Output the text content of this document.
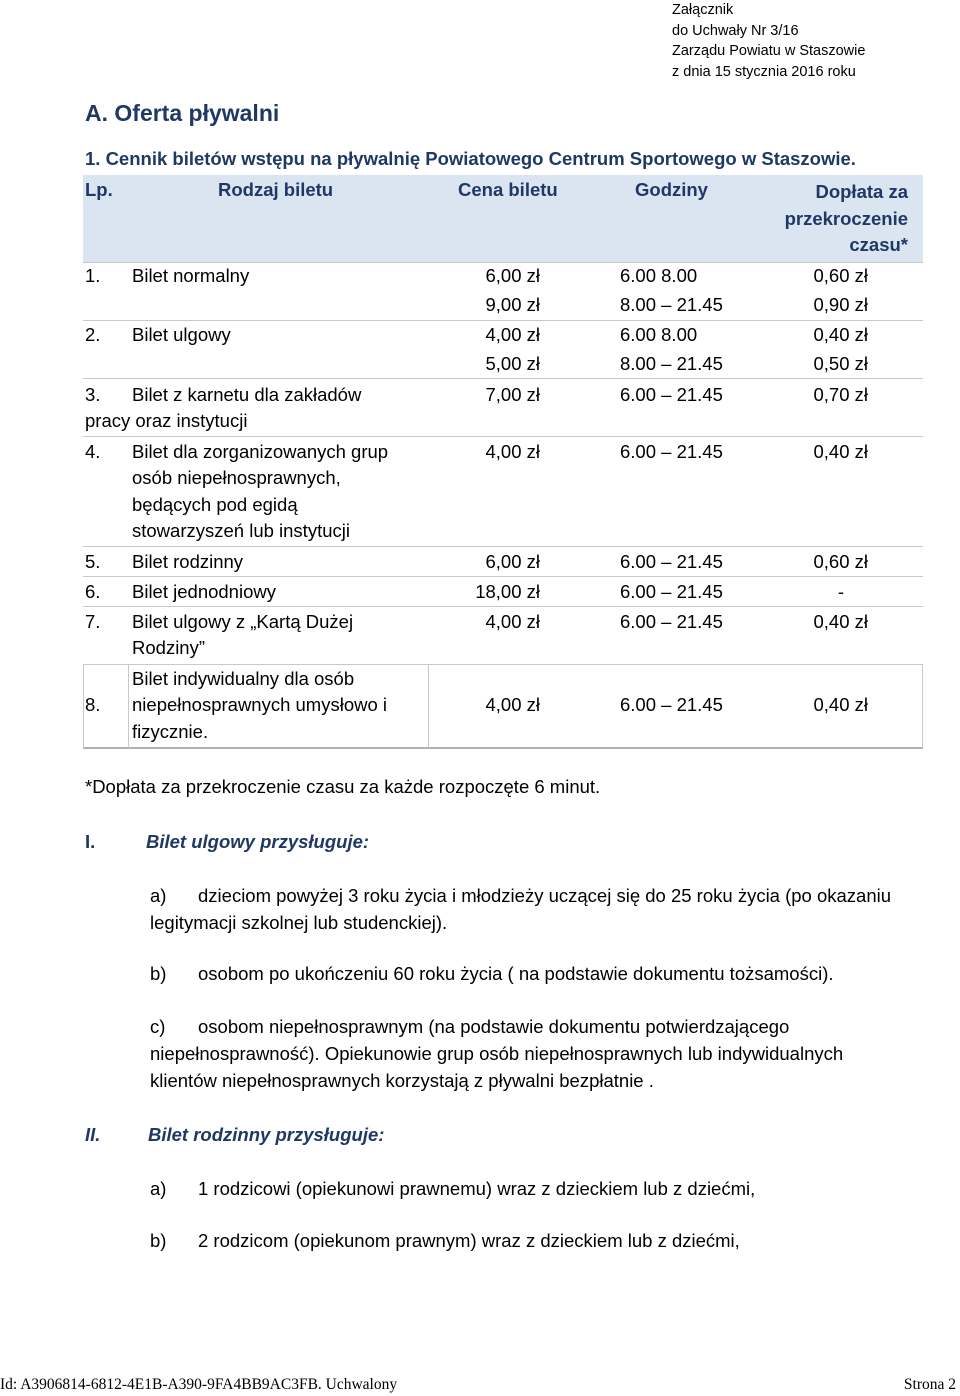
Załącznik
do Uchwały Nr 3/16
Zarządu Powiatu w Staszowie
z dnia 15 stycznia 2016 roku
A. Oferta pływalni
1. Cennik biletów wstępu na pływalnię Powiatowego Centrum Sportowego w Staszowie.
Lp.	Rodzaj biletu	Cena biletu	Godziny	Dopłata za przekroczenie czasu*
1. Bilet normalny	6,00 zł	6.00 8.00	0,60 zł
9,00 zł	8.00 – 21.45	0,90 zł
2. Bilet ulgowy	4,00 zł	6.00 8.00	0,40 zł
5,00 zł	8.00 – 21.45	0,50 zł
3. Bilet z karnetu dla zakładów
pracy oraz instytucji
7,00 zł	6.00 – 21.45	0,70 zł
4. Bilet dla zorganizowanych grup
osób niepełnosprawnych,
będących pod egidą
stowarzyszeń lub instytucji
4,00 zł	6.00 – 21.45	0,40 zł
5. Bilet rodzinny	6,00 zł	6.00 – 21.45	0,60 zł
6. Bilet jednodniowy	18,00 zł	6.00 – 21.45	-
7. Bilet ulgowy z „Kartą Dużej
Rodziny”
4,00 zł	6.00 – 21.45	0,40 zł
8.
Bilet indywidualny dla osób
niepełnosprawnych umysłowo i
fizycznie.
4,00 zł	6.00 – 21.45	0,40 zł
*Dopłata za przekroczenie czasu za każde rozpoczęte 6 minut.
I.	Bilet ulgowy przysługuje:
a) dzieciom powyżej 3 roku życia i młodzieży uczącej się do 25 roku życia (po okazaniu legitymacji szkolnej lub studenckiej).
b) osobom po ukończeniu 60 roku życia ( na podstawie dokumentu tożsamości).
c) osobom niepełnosprawnym (na podstawie dokumentu potwierdzającego niepełnosprawność). Opiekunowie grup osób niepełnosprawnych lub indywidualnych klientów niepełnosprawnych korzystają z pływalni bezpłatnie .
II.	Bilet rodzinny przysługuje:
a) 1 rodzicowi (opiekunowi prawnemu) wraz z dzieckiem lub z dziećmi,
b) 2 rodzicom (opiekunom prawnym) wraz z dzieckiem lub z dziećmi,
Id: A3906814-6812-4E1B-A390-9FA4BB9AC3FB. Uchwalony	Strona 2
